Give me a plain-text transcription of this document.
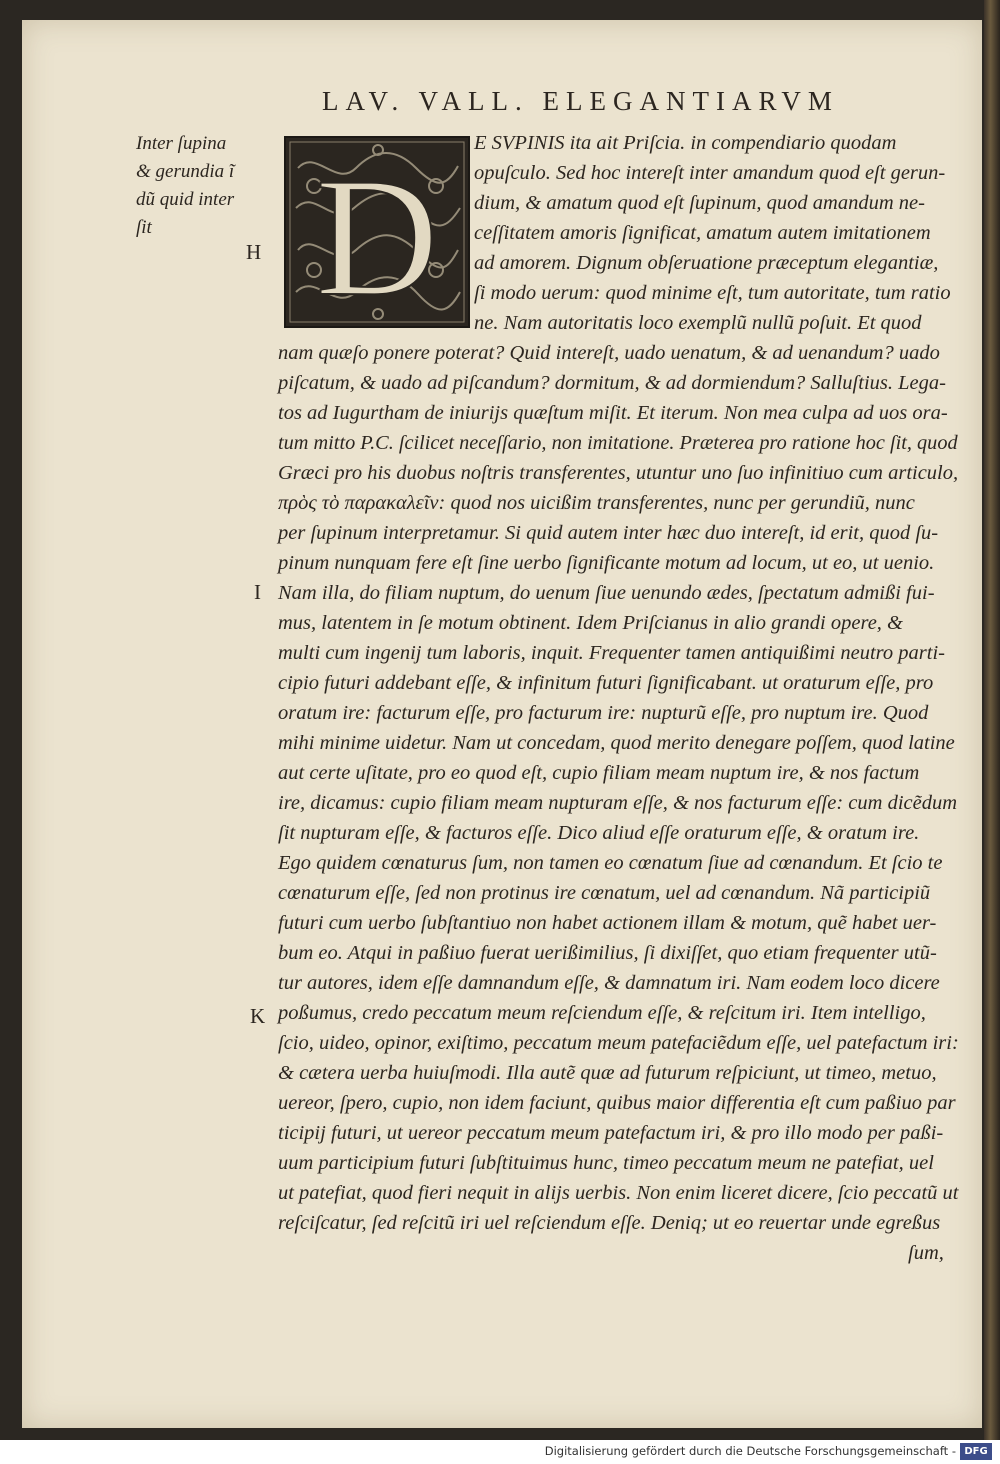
LAV. VALL. ELEGANTIARVM
Inter ſupina
& gerundia ĩ
dũ quid inter
ſit
H
I
K
D E SVPINIS ita ait Priſcia. in compendiario quodam
opuſculo. Sed hoc intereſt inter amandum quod eſt gerun-
dium, & amatum quod eſt ſupinum, quod amandum ne-
ceſſitatem amoris ſignificat, amatum autem imitationem
ad amorem. Dignum obſeruatione præceptum elegantiæ,
ſi modo uerum: quod minime eſt, tum autoritate, tum ratio
ne. Nam autoritatis loco exemplũ nullũ poſuit. Et quod
nam quæſo ponere poterat? Quid intereſt, uado uenatum, & ad uenandum? uado
piſcatum, & uado ad piſcandum? dormitum, & ad dormiendum? Salluſtius. Lega-
tos ad Iugurtham de iniurijs quæſtum miſit. Et iterum. Non mea culpa ad uos ora-
tum mitto P.C. ſcilicet neceſſario, non imitatione. Præterea pro ratione hoc ſit, quod
Græci pro his duobus noſtris transferentes, utuntur uno ſuo infinitiuo cum articulo,
πρὸς τὸ παρακαλεῖν: quod nos uicißim transferentes, nunc per gerundiũ, nunc
per ſupinum interpretamur. Si quid autem inter hæc duo intereſt, id erit, quod ſu-
pinum nunquam fere eſt ſine uerbo ſignificante motum ad locum, ut eo, ut uenio.
Nam illa, do filiam nuptum, do uenum ſiue uenundo ædes, ſpectatum admißi fui-
mus, latentem in ſe motum obtinent. Idem Priſcianus in alio grandi opere, &
multi cum ingenij tum laboris, inquit. Frequenter tamen antiquißimi neutro parti-
cipio futuri addebant eſſe, & infinitum futuri ſignificabant. ut oraturum eſſe, pro
oratum ire: facturum eſſe, pro facturum ire: nupturũ eſſe, pro nuptum ire. Quod
mihi minime uidetur. Nam ut concedam, quod merito denegare poſſem, quod latine
aut certe uſitate, pro eo quod eſt, cupio filiam meam nuptum ire, & nos factum
ire, dicamus: cupio filiam meam nupturam eſſe, & nos facturum eſſe: cum dicẽdum
ſit nupturam eſſe, & facturos eſſe. Dico aliud eſſe oraturum eſſe, & oratum ire.
Ego quidem cœnaturus ſum, non tamen eo cœnatum ſiue ad cœnandum. Et ſcio te
cœnaturum eſſe, ſed non protinus ire cœnatum, uel ad cœnandum. Nã participiũ
futuri cum uerbo ſubſtantiuo non habet actionem illam & motum, quẽ habet uer-
bum eo. Atqui in paßiuo fuerat uerißimilius, ſi dixiſſet, quo etiam frequenter utũ-
tur autores, idem eſſe damnandum eſſe, & damnatum iri. Nam eodem loco dicere
poßumus, credo peccatum meum reſciendum eſſe, & reſcitum iri. Item intelligo,
ſcio, uideo, opinor, exiſtimo, peccatum meum patefaciẽdum eſſe, uel patefactum iri:
& cætera uerba huiuſmodi. Illa autẽ quæ ad futurum reſpiciunt, ut timeo, metuo,
uereor, ſpero, cupio, non idem faciunt, quibus maior differentia eſt cum paßiuo par
ticipij futuri, ut uereor peccatum meum patefactum iri, & pro illo modo per paßi-
uum participium futuri ſubſtituimus hunc, timeo peccatum meum ne patefiat, uel
ut patefiat, quod fieri nequit in alijs uerbis. Non enim liceret dicere, ſcio peccatũ ut
reſciſcatur, ſed reſcitũ iri uel reſciendum eſſe. Deniq; ut eo reuertar unde egreßus
ſum,
Digitalisierung gefördert durch die Deutsche Forschungsgemeinschaft - DFG
